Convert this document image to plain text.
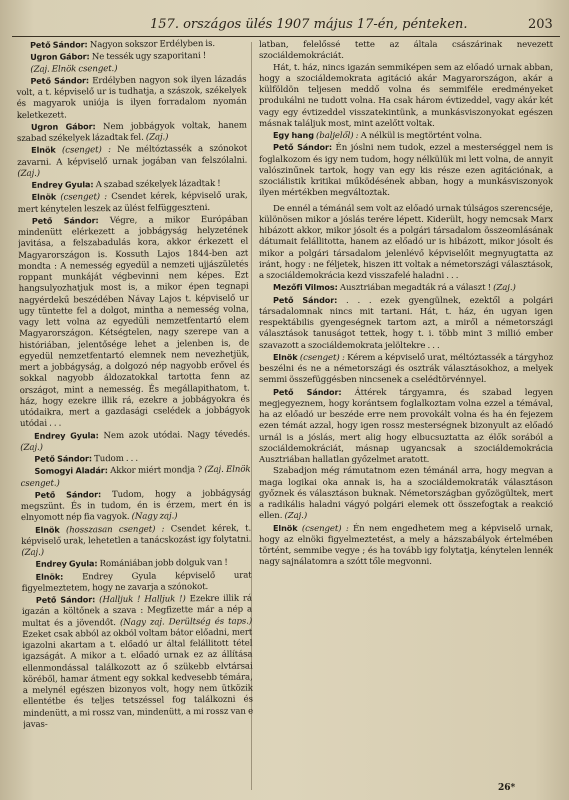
157. országos ülés 1907 május 17-én, pénteken.	203

Pető Sándor: Nagyon sokszor Erdélyben is.

Ugron Gábor: Ne tessék ugy szaporitani !

(Zaj. Elnök csenget.)

Pető Sándor: Erdélyben nagyon sok ilyen lázadás volt, a t. képviselő ur is tudhatja, a szászok, székelyek és magyarok uniója is ilyen forradalom nyomán keletkezett.

Ugron Gábor: Nem jobbágyok voltak, hanem szabad székelyek lázadtak fel. (Zaj.)

Elnök (csenget) : Ne méltóztassék a szónokot zavarni. A képviselő urnak jogában van felszólalni. (Zaj.)

Endrey Gyula: A szabad székelyek lázadtak !

Elnök (csenget) : Csendet kérek, képviselő urak, mert kénytelen leszek az ülést felfüggeszteni.

Pető Sándor: Végre, a mikor Európában mindenütt elérkezett a jobbágyság helyzetének javitása, a felszabadulás kora, akkor érkezett el Magyarországon is. Kossuth Lajos 1844-ben azt mondta : A nemesség egyedül a nemzeti ujjászületés roppant munkáját végbevinni nem képes. Ezt hangsulyozhatjuk most is, a mikor épen tegnapi nagyérdekű beszédében Návay Lajos t. képviselő ur ugy tüntette fel a dolgot, mintha a nemesség volna, vagy lett volna az egyedüli nemzetfentartó elem Magyarországon. Kétségtelen, nagy szerepe van a históriában, jelentősége lehet a jelenben is, de egyedül nemzetfentartó elemnek nem nevezhetjük, mert a jobbágyság, a dolgozó nép nagyobb erővel és sokkal nagyobb áldozatokkal tartotta fenn az országot, mint a nemesség. És megállapithatom, t. ház, hogy ezekre illik rá, ezekre a jobbágyokra és utódaikra, mert a gazdasági cselédek a jobbágyok utódai . . .

Endrey Gyula: Nem azok utódai. Nagy tévedés. (Zaj.)

Pető Sándor: Tudom . . .

Somogyi Aladár: Akkor miért mondja ? (Zaj. Elnök csenget.)

Pető Sándor: Tudom, hogy a jobbágyság megszünt. És in tudom, én is érzem, mert én is elnyomott nép fia vagyok. (Nagy zaj.)

Elnök (hosszasan csenget) : Csendet kérek, t. képviselő urak, lehetetlen a tanácskozást igy folytatni. (Zaj.)

Endrey Gyula: Romániában jobb dolguk van !

Elnök: Endrey Gyula képviselő urat figyelmeztetem, hogy ne zavarja a szónokot.

Pető Sándor: (Halljuk ! Halljuk !) Ezekre illik rá igazán a költőnek a szava : Megfizette már a nép a multat és a jövendőt. (Nagy zaj. Derültség és taps.) Ezeket csak abból az okból voltam bátor előadni, mert igazolni akartam a t. előadó ur által felállitott tétel igazságát. A mikor a t. előadó urnak ez az állítása ellenmondással találkozott az ő szükebb elvtársai köréből, hamar átment egy sokkal kedvesebb témára, a melynél egészen bizonyos volt, hogy nem ütközik ellentétbe és teljes tetszéssel fog találkozni és mindenütt, a mi rossz van, mindenütt, a mi rossz van e javas-

latban, felelőssé tette az általa császárinak nevezett szociáldemokráciát.

Hát, t. ház, nincs igazán semmiképen sem az előadó urnak abban, hogy a szociáldemokrata agitáció akár Magyarországon, akár a külföldön teljesen meddő volna és semmiféle eredményeket produkálni ne tudott volna. Ha csak három évtizeddel, vagy akár két vagy egy évtizeddel visszatekintünk, a munkásviszonyokat egészen másnak találjuk most, mint azelőtt voltak.

Egy hang (baljelől) : A nélkül is megtörtént volna.

Pető Sándor: Én jóslni nem tudok, ezzel a mesterséggel nem is foglalkozom és igy nem tudom, hogy nélkülük mi lett volna, de annyit valószinűnek tartok, hogy van egy kis része ezen agitációnak, a szociálistik kritikai működésének abban, hogy a munkásviszonyok ilyen mértékben megváltoztak.

De ennél a témánál sem volt az előadó urnak túlságos szerencséje, különösen mikor a jóslás terére lépett. Kiderült, hogy nemcsak Marx hibázott akkor, mikor jósolt és a polgári társadalom összeomlásának dátumait felállitotta, hanem az előadó ur is hibázott, mikor jósolt és mikor a polgári társadalom jelenlévő képviselőit megnyugtatta az iránt, hogy : ne féljetek, hiszen itt voltak a németországi választások, a szociáldemokrácia kezd visszafelé haladni . . .

Mezőfi Vilmos: Ausztriában megadták rá a választ ! (Zaj.)

Pető Sándor: . . . ezek gyengülnek, ezektől a polgári társadalomnak nincs mit tartani. Hát, t. ház, én ugyan igen respektábilis gyengeségnek tartom azt, a miről a németországi választások tanuságot tettek, hogy t. i. több mint 3 millió ember szavazott a szociáldemokrata jelöltekre . . .

Elnök (csenget) : Kérem a képviselő urat, méltóztassék a tárgyhoz beszélni és ne a németországi és osztrák választásokhoz, a melyek semmi összefüggésben nincsenek a cselédtörvénnyel.

Pető Sándor: Áttérek tárgyamra, és szabad legyen megjegyeznem, hogy korántsem foglalkoztam volna ezzel a témával, ha az előadó ur beszéde erre nem provokált volna és ha én fejezem ezen témát azzal, hogy igen rossz mesterségnek bizonyult az előadó urnál is a jóslás, mert alig hogy elbucsuztatta az élők sorából a szociáldemokráciát, másnap ugyancsak a szociáldemokrácia Ausztriában hallatlan győzelmet aratott.

Szabadjon még rámutatnom ezen témánál arra, hogy megvan a maga logikai oka annak is, ha a szociáldemokraták választáson győznek és választáson buknak. Németországban győzögültek, mert a radikális haladni vágyó polgári elemek ott összefogtak a reakció ellen. (Zaj.)

Elnök (csenget) : Én nem engedhetem meg a képviselő urnak, hogy az elnöki figyelmeztetést, a mely a házszabályok értelmében történt, semmibe vegye ; és ha tovább igy folytatja, kénytelen lennék nagy sajnálatomra a szótt tőle megvonni.

26*
